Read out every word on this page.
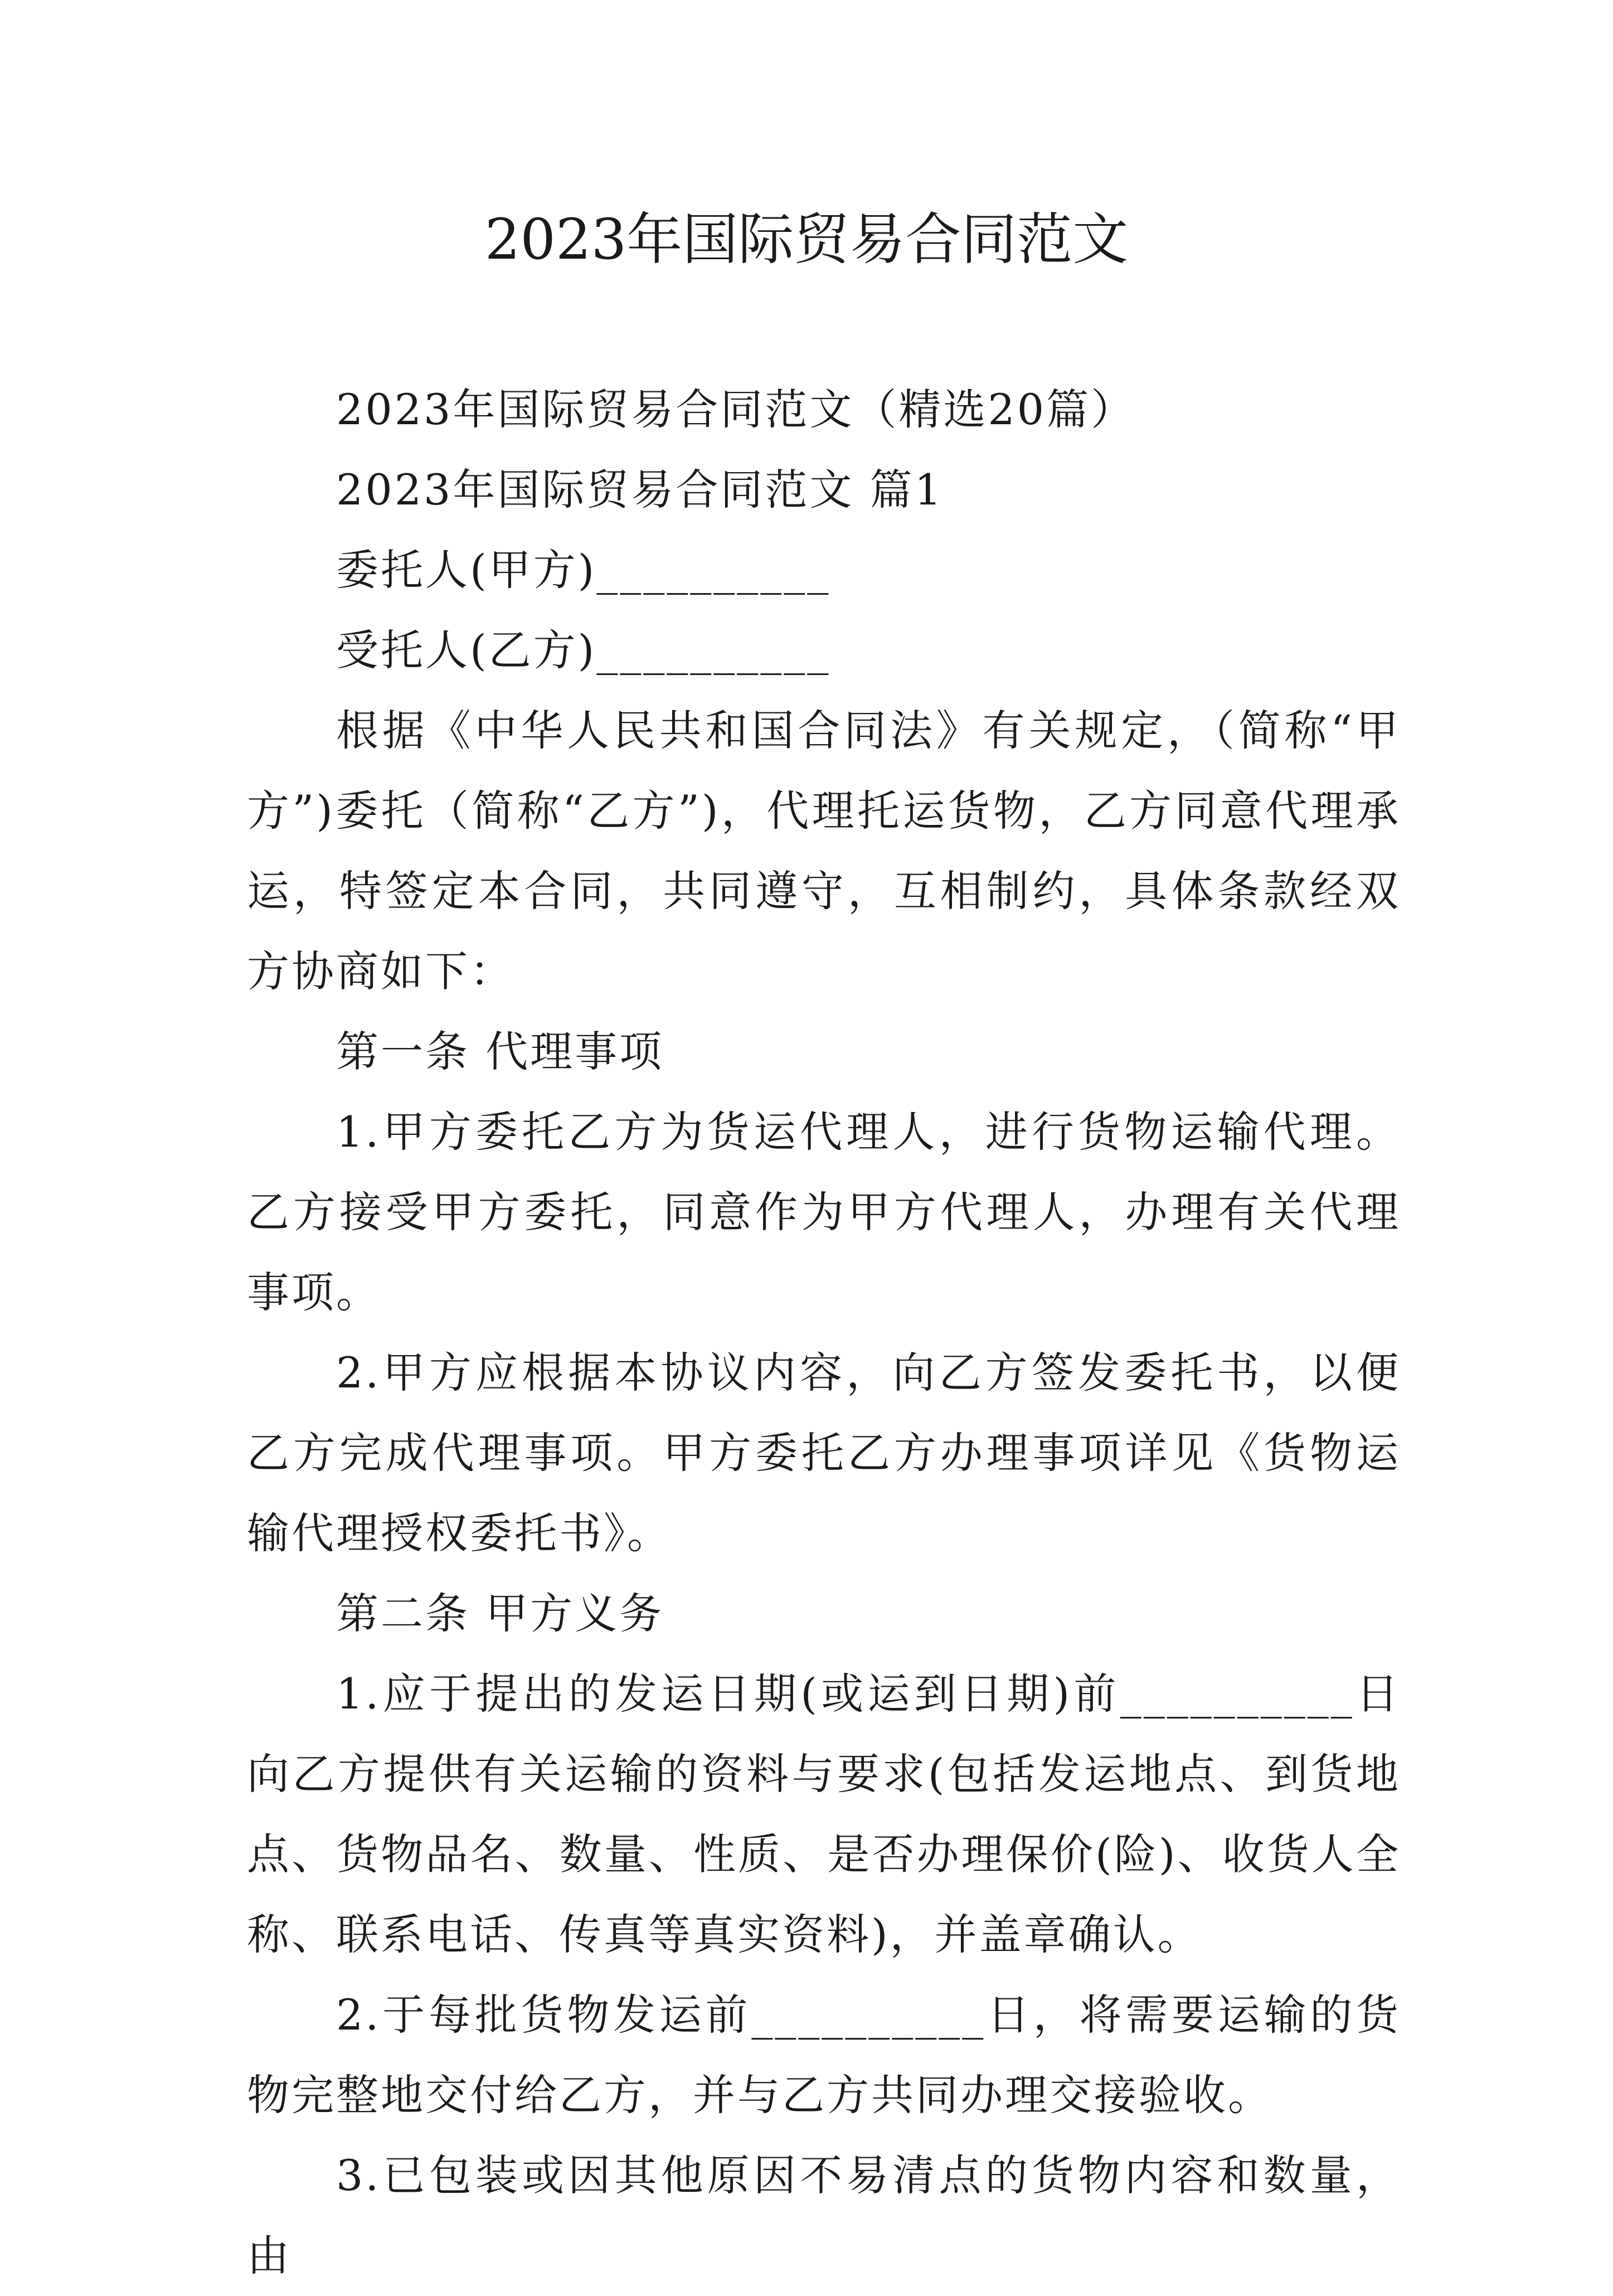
2023年国际贸易合同范文

2023年国际贸易合同范文（精选20篇）

2023年国际贸易合同范文 篇1

委托人(甲方)__________

受托人(乙方)__________

根据《中华人民共和国合同法》有关规定，（简称“甲方”)委托（简称“乙方”)，代理托运货物，乙方同意代理承运，特签定本合同，共同遵守，互相制约，具体条款经双方协商如下：

第一条 代理事项

1.甲方委托乙方为货运代理人，进行货物运输代理。乙方接受甲方委托，同意作为甲方代理人，办理有关代理事项。

2.甲方应根据本协议内容，向乙方签发委托书，以便乙方完成代理事项。甲方委托乙方办理事项详见《货物运输代理授权委托书》。

第二条 甲方义务

1.应于提出的发运日期(或运到日期)前__________日向乙方提供有关运输的资料与要求(包括发运地点、到货地点、货物品名、数量、性质、是否办理保价(险)、收货人全称、联系电话、传真等真实资料)，并盖章确认。

2.于每批货物发运前__________日，将需要运输的货物完整地交付给乙方，并与乙方共同办理交接验收。

3.已包装或因其他原因不易清点的货物内容和数量，由
